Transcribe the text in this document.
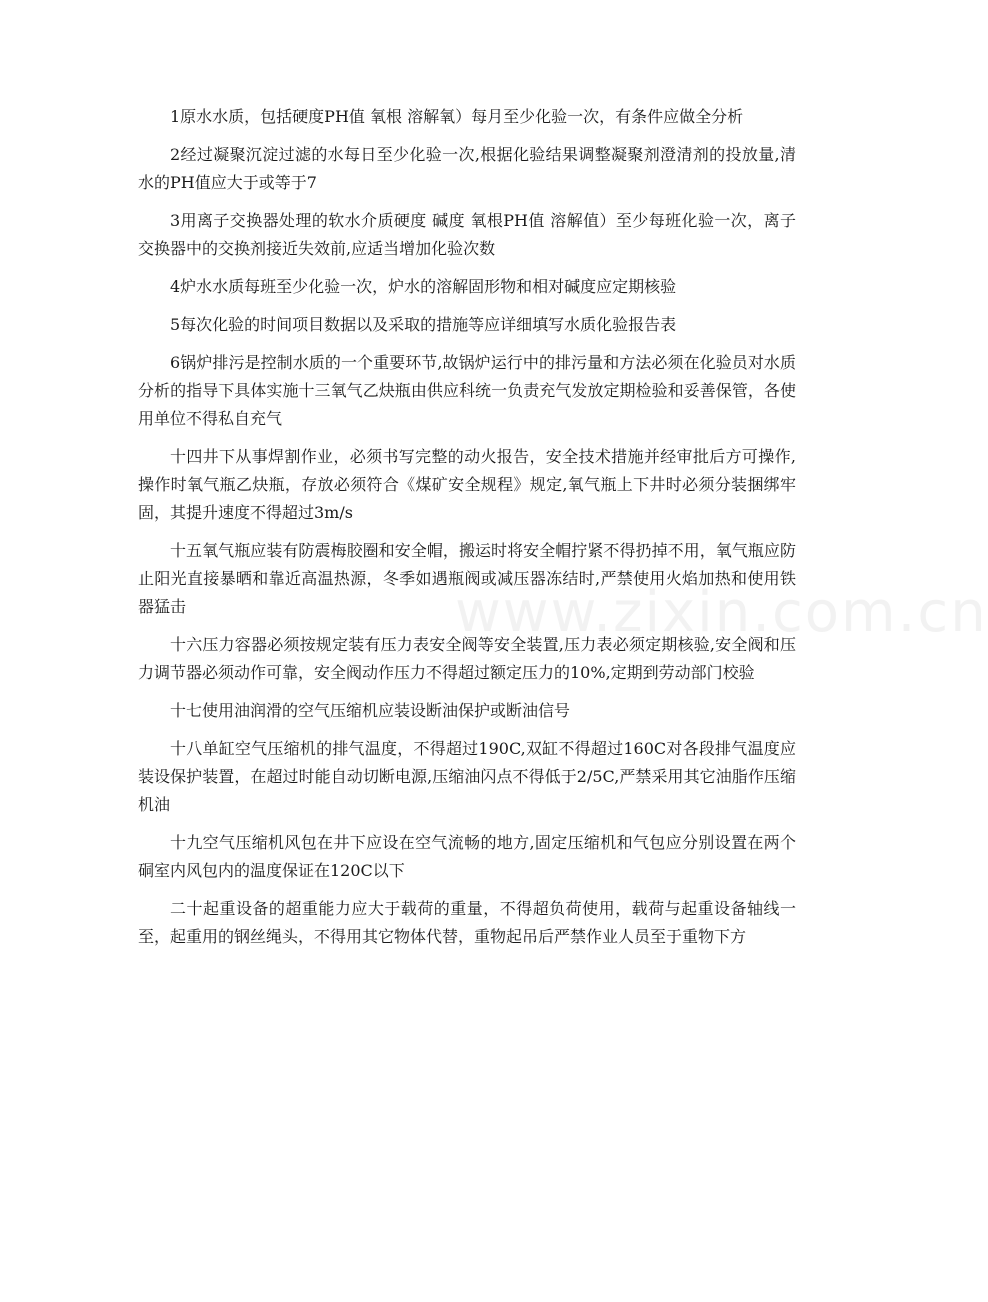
www.zixin.com.cn

1原水水质，包括硬度PH值 氧根 溶解氧）每月至少化验一次，有条件应做全分析

2经过凝聚沉淀过滤的水每日至少化验一次,根据化验结果调整凝聚剂澄清剂的投放量,清水的PH值应大于或等于7

3用离子交换器处理的软水介质硬度 碱度 氧根PH值 溶解值）至少每班化验一次，离子交换器中的交换剂接近失效前,应适当增加化验次数

4炉水水质每班至少化验一次，炉水的溶解固形物和相对碱度应定期核验

5每次化验的时间项目数据以及采取的措施等应详细填写水质化验报告表

6锅炉排污是控制水质的一个重要环节,故锅炉运行中的排污量和方法必须在化验员对水质分析的指导下具体实施十三氧气乙炔瓶由供应科统一负责充气发放定期检验和妥善保管，各使用单位不得私自充气

十四井下从事焊割作业，必须书写完整的动火报告，安全技术措施并经审批后方可操作,操作时氧气瓶乙炔瓶，存放必须符合《煤矿安全规程》规定,氧气瓶上下井时必须分装捆绑牢固，其提升速度不得超过3m/s

十五氧气瓶应装有防震梅胶圈和安全帽，搬运时将安全帽拧紧不得扔掉不用，氧气瓶应防止阳光直接暴晒和靠近高温热源，冬季如遇瓶阀或减压器冻结时,严禁使用火焰加热和使用铁器猛击

十六压力容器必须按规定装有压力表安全阀等安全装置,压力表必须定期核验,安全阀和压力调节器必须动作可靠，安全阀动作压力不得超过额定压力的10%,定期到劳动部门校验

十七使用油润滑的空气压缩机应装设断油保护或断油信号

十八单缸空气压缩机的排气温度，不得超过190C,双缸不得超过160C对各段排气温度应装设保护装置，在超过时能自动切断电源,压缩油闪点不得低于2/5C,严禁采用其它油脂作压缩机油

十九空气压缩机风包在井下应设在空气流畅的地方,固定压缩机和气包应分别设置在两个硐室内风包内的温度保证在120C以下

二十起重设备的超重能力应大于载荷的重量，不得超负荷使用，载荷与起重设备轴线一至，起重用的钢丝绳头，不得用其它物体代替，重物起吊后严禁作业人员至于重物下方
